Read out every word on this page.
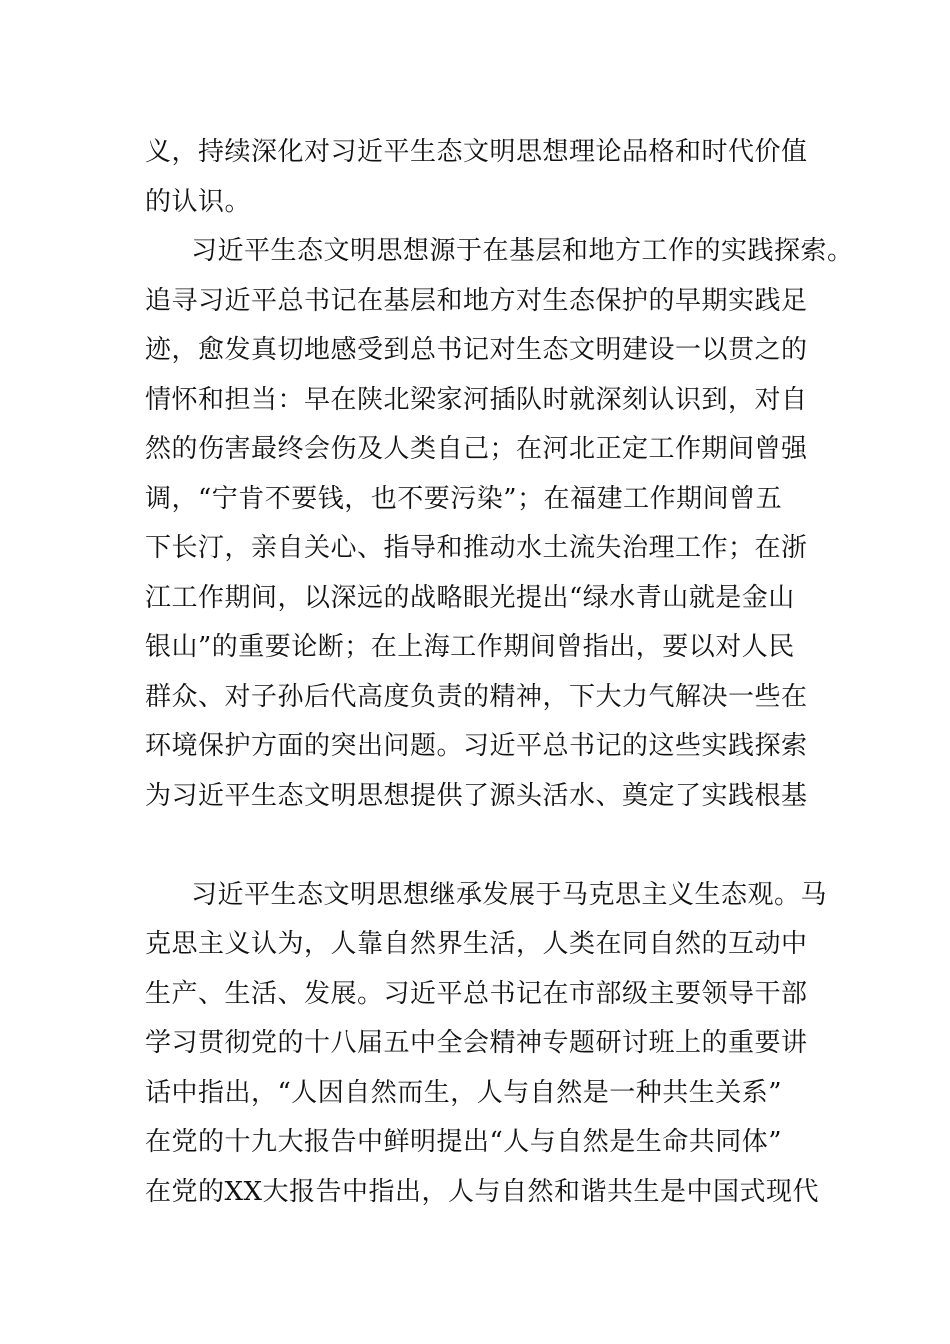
义，持续深化对习近平生态文明思想理论品格和时代价值
的认识。
习近平生态文明思想源于在基层和地方工作的实践探索。
追寻习近平总书记在基层和地方对生态保护的早期实践足
迹，愈发真切地感受到总书记对生态文明建设一以贯之的
情怀和担当：早在陕北梁家河插队时就深刻认识到，对自
然的伤害最终会伤及人类自己；在河北正定工作期间曾强
调，“宁肯不要钱，也不要污染”；在福建工作期间曾五
下长汀，亲自关心、指导和推动水土流失治理工作；在浙
江工作期间，以深远的战略眼光提出“绿水青山就是金山
银山”的重要论断；在上海工作期间曾指出，要以对人民
群众、对子孙后代高度负责的精神，下大力气解决一些在
环境保护方面的突出问题。习近平总书记的这些实践探索
为习近平生态文明思想提供了源头活水、奠定了实践根基
习近平生态文明思想继承发展于马克思主义生态观。马
克思主义认为，人靠自然界生活，人类在同自然的互动中
生产、生活、发展。习近平总书记在市部级主要领导干部
学习贯彻党的十八届五中全会精神专题研讨班上的重要讲
话中指出，“人因自然而生，人与自然是一种共生关系”
在党的十九大报告中鲜明提出“人与自然是生命共同体”
在党的XX大报告中指出，人与自然和谐共生是中国式现代
